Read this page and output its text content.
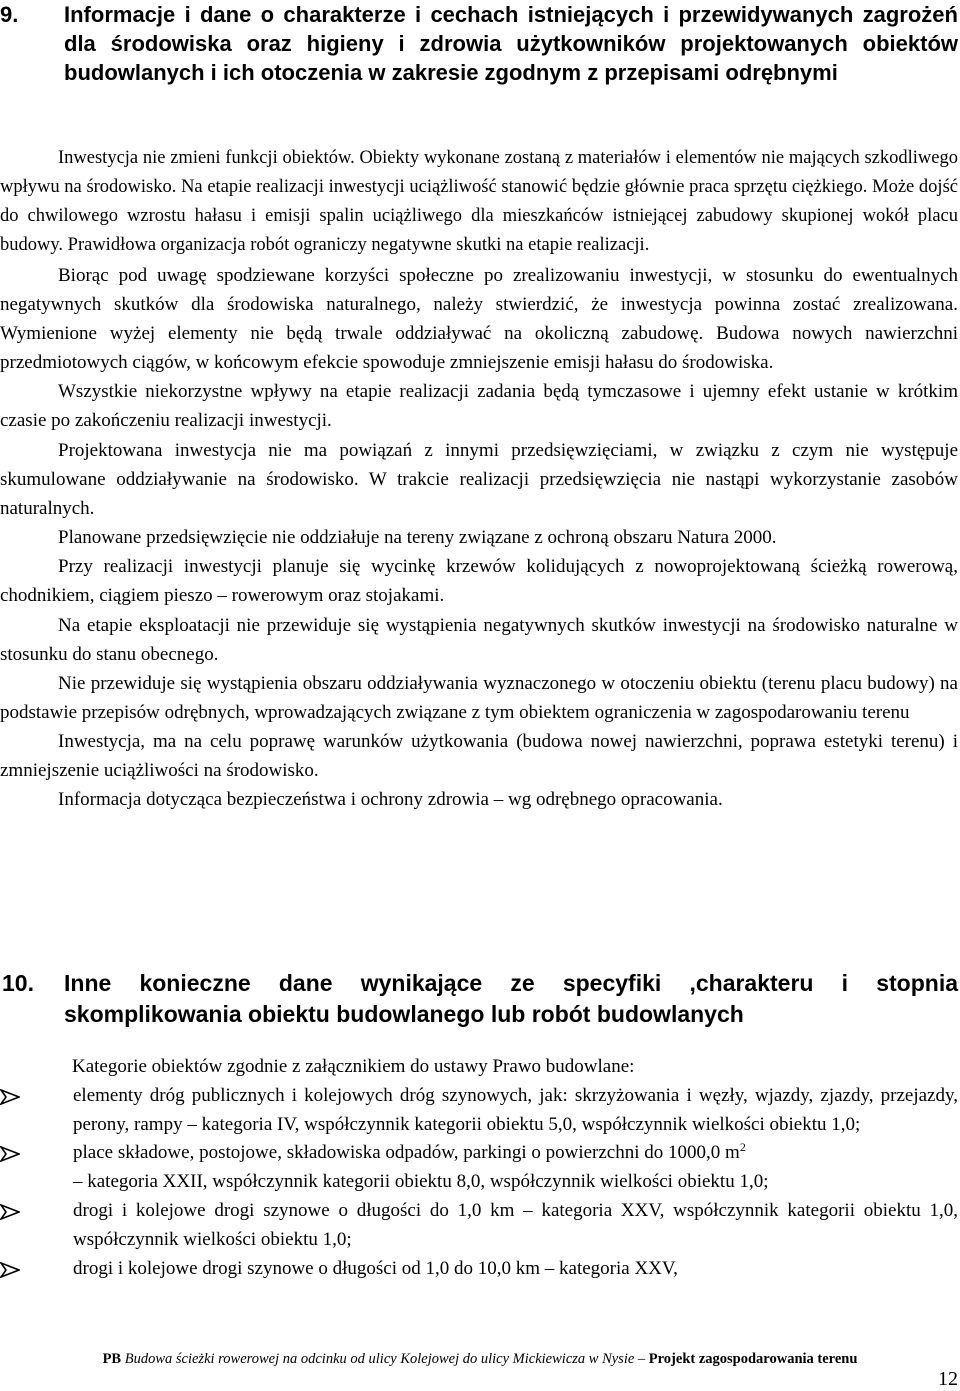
9. Informacje i dane o charakterze i cechach istniejących i przewidywanych zagrożeń dla środowiska oraz higieny i zdrowia użytkowników projektowanych obiektów budowlanych i ich otoczenia w zakresie zgodnym z przepisami odrębnymi

Inwestycja nie zmieni funkcji obiektów. Obiekty wykonane zostaną z materiałów i elementów nie mających szkodliwego wpływu na środowisko. Na etapie realizacji inwestycji uciążliwość stanowić będzie głównie praca sprzętu ciężkiego. Może dojść do chwilowego wzrostu hałasu i emisji spalin uciążliwego dla mieszkańców istniejącej zabudowy skupionej wokół placu budowy. Prawidłowa organizacja robót ograniczy negatywne skutki na etapie realizacji.

Biorąc pod uwagę spodziewane korzyści społeczne po zrealizowaniu inwestycji, w stosunku do ewentualnych negatywnych skutków dla środowiska naturalnego, należy stwierdzić, że inwestycja powinna zostać zrealizowana. Wymienione wyżej elementy nie będą trwale oddziaływać na okoliczną zabudowę. Budowa nowych nawierzchni przedmiotowych ciągów, w końcowym efekcie spowoduje zmniejszenie emisji hałasu do środowiska.

Wszystkie niekorzystne wpływy na etapie realizacji zadania będą tymczasowe i ujemny efekt ustanie w krótkim czasie po zakończeniu realizacji inwestycji.

Projektowana inwestycja nie ma powiązań z innymi przedsięwzięciami, w związku z czym nie występuje skumulowane oddziaływanie na środowisko. W trakcie realizacji przedsięwzięcia nie nastąpi wykorzystanie zasobów naturalnych.

Planowane przedsięwzięcie nie oddziałuje na tereny związane z ochroną obszaru Natura 2000.

Przy realizacji inwestycji planuje się wycinkę krzewów kolidujących z nowoprojektowaną ścieżką rowerową, chodnikiem, ciągiem pieszo – rowerowym oraz stojakami.

Na etapie eksploatacji nie przewiduje się wystąpienia negatywnych skutków inwestycji na środowisko naturalne w stosunku do stanu obecnego.

Nie przewiduje się wystąpienia obszaru oddziaływania wyznaczonego w otoczeniu obiektu (terenu placu budowy) na podstawie przepisów odrębnych, wprowadzających związane z tym obiektem ograniczenia w zagospodarowaniu terenu

Inwestycja, ma na celu poprawę warunków użytkowania (budowa nowej nawierzchni, poprawa estetyki terenu) i zmniejszenie uciążliwości na środowisko.

Informacja dotycząca bezpieczeństwa i ochrony zdrowia – wg odrębnego opracowania.

10. Inne konieczne dane wynikające ze specyfiki ,charakteru i stopnia skomplikowania obiektu budowlanego lub robót budowlanych

Kategorie obiektów zgodnie z załącznikiem do ustawy Prawo budowlane:

elementy dróg publicznych i kolejowych dróg szynowych, jak: skrzyżowania i węzły, wjazdy, zjazdy, przejazdy, perony, rampy – kategoria IV, współczynnik kategorii obiektu 5,0, współczynnik wielkości obiektu 1,0;
place składowe, postojowe, składowiska odpadów, parkingi o powierzchni do 1000,0 $m^2$
– kategoria XXII, współczynnik kategorii obiektu 8,0, współczynnik wielkości obiektu 1,0;
drogi i kolejowe drogi szynowe o długości do 1,0 km – kategoria XXV, współczynnik kategorii obiektu 1,0, współczynnik wielkości obiektu 1,0;
drogi i kolejowe drogi szynowe o długości od 1,0 do 10,0 km – kategoria XXV,
PB Budowa ścieżki rowerowej na odcinku od ulicy Kolejowej do ulicy Mickiewicza w Nysie – Projekt zagospodarowania terenu
12
